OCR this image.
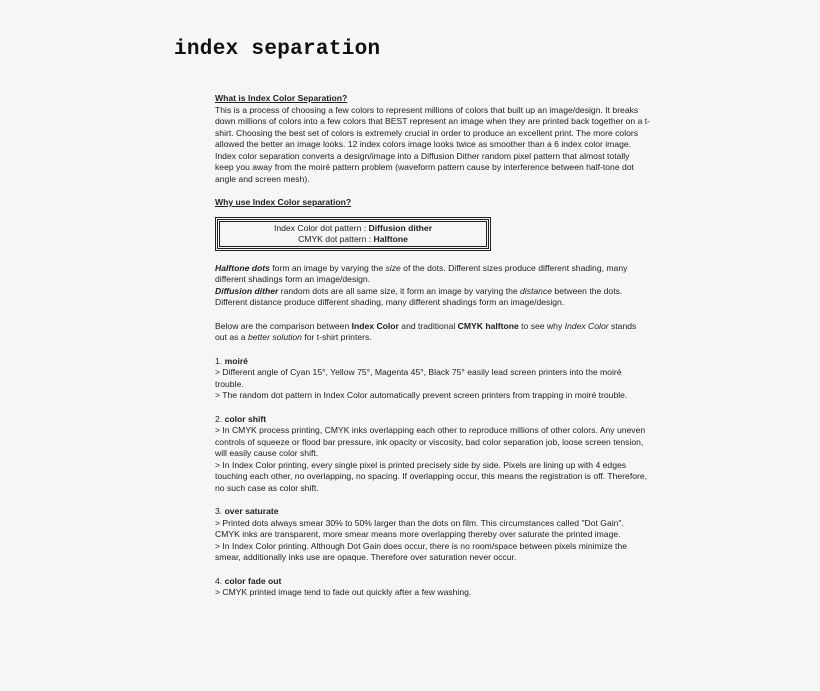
index separation
What is Index Color Separation?

This is a process of choosing a few colors to represent millions of colors that built up an image/design. It breaks down millions of colors into a few colors that BEST represent an image when they are printed back together on a t-shirt. Choosing the best set of colors is extremely crucial in order to produce an excellent print. The more colors allowed the better an image looks. 12 index colors image looks twice as smoother than a 6 index color image. Index color separation converts a design/image into a Diffusion Dither random pixel pattern that almost totally keep you away from the moiré pattern problem (waveform pattern cause by interference between half-tone dot angle and screen mesh).

Why use Index Color separation?
Index Color dot pattern : Diffusion dither
CMYK dot pattern : Halftone

Halftone dots form an image by varying the size of the dots. Different sizes produce different shading, many different shadings form an image/design.

Diffusion dither random dots are all same size, it form an image by varying the distance between the dots. Different distance produce different shading, many different shadings form an image/design.

Below are the comparison between Index Color and traditional CMYK halftone to see why Index Color stands out as a better solution for t-shirt printers.

1. moiré

> Different angle of Cyan 15°, Yellow 75°, Magenta 45°, Black 75° easily lead screen printers into the moiré trouble.

> The random dot pattern in Index Color automatically prevent screen printers from trapping in moiré trouble.

2. color shift

> In CMYK process printing, CMYK inks overlapping each other to reproduce millions of other colors. Any uneven controls of squeeze or flood bar pressure, ink opacity or viscosity, bad color separation job, loose screen tension, will easily cause color shift.

> In Index Color printing, every single pixel is printed precisely side by side. Pixels are lining up with 4 edges touching each other, no overlapping, no spacing. If overlapping occur, this means the registration is off. Therefore, no such case as color shift.

3. over saturate

> Printed dots always smear 30% to 50% larger than the dots on film. This circumstances called "Dot Gain". CMYK inks are transparent, more smear means more overlapping thereby over saturate the printed image.

> In Index Color printing. Although Dot Gain does occur, there is no room/space between pixels minimize the smear, additionally inks use are opaque. Therefore over saturation never occur.

4. color fade out

> CMYK printed image tend to fade out quickly after a few washing.
